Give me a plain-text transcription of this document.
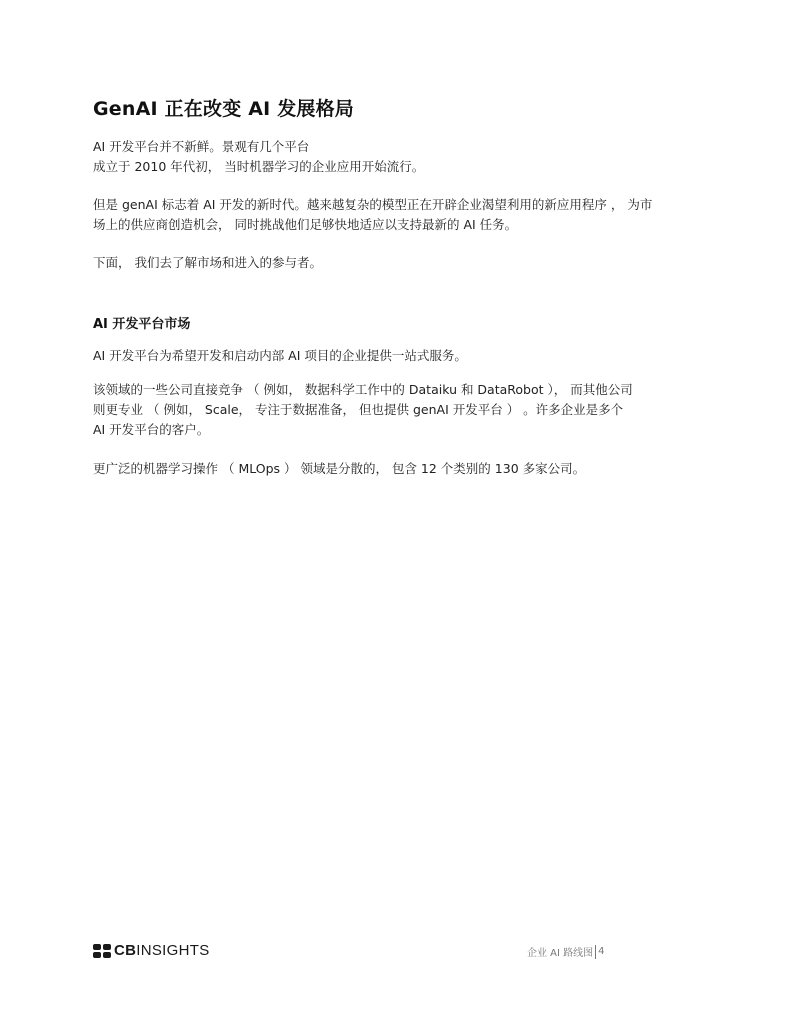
GenAI 正在改变 AI 发展格局

AI 开发平台并不新鲜。景观有几个平台
成立于 2010 年代初， 当时机器学习的企业应用开始流行。

但是 genAI 标志着 AI 开发的新时代。越来越复杂的模型正在开辟企业渴望利用的新应用程序 ， 为市
场上的供应商创造机会， 同时挑战他们足够快地适应以支持最新的 AI 任务。

下面， 我们去了解市场和进入的参与者。

AI 开发平台市场

AI 开发平台为希望开发和启动内部 AI 项目的企业提供一站式服务。

该领域的一些公司直接竞争 （ 例如， 数据科学工作中的 Dataiku 和 DataRobot ）， 而其他公司
则更专业 （ 例如， Scale， 专注于数据准备， 但也提供 genAI 开发平台 ） 。许多企业是多个
AI 开发平台的客户。

更广泛的机器学习操作 （ MLOps ） 领域是分散的， 包含 12 个类别的 130 多家公司。

CBINSIGHTS	企业 AI 路线图 4
